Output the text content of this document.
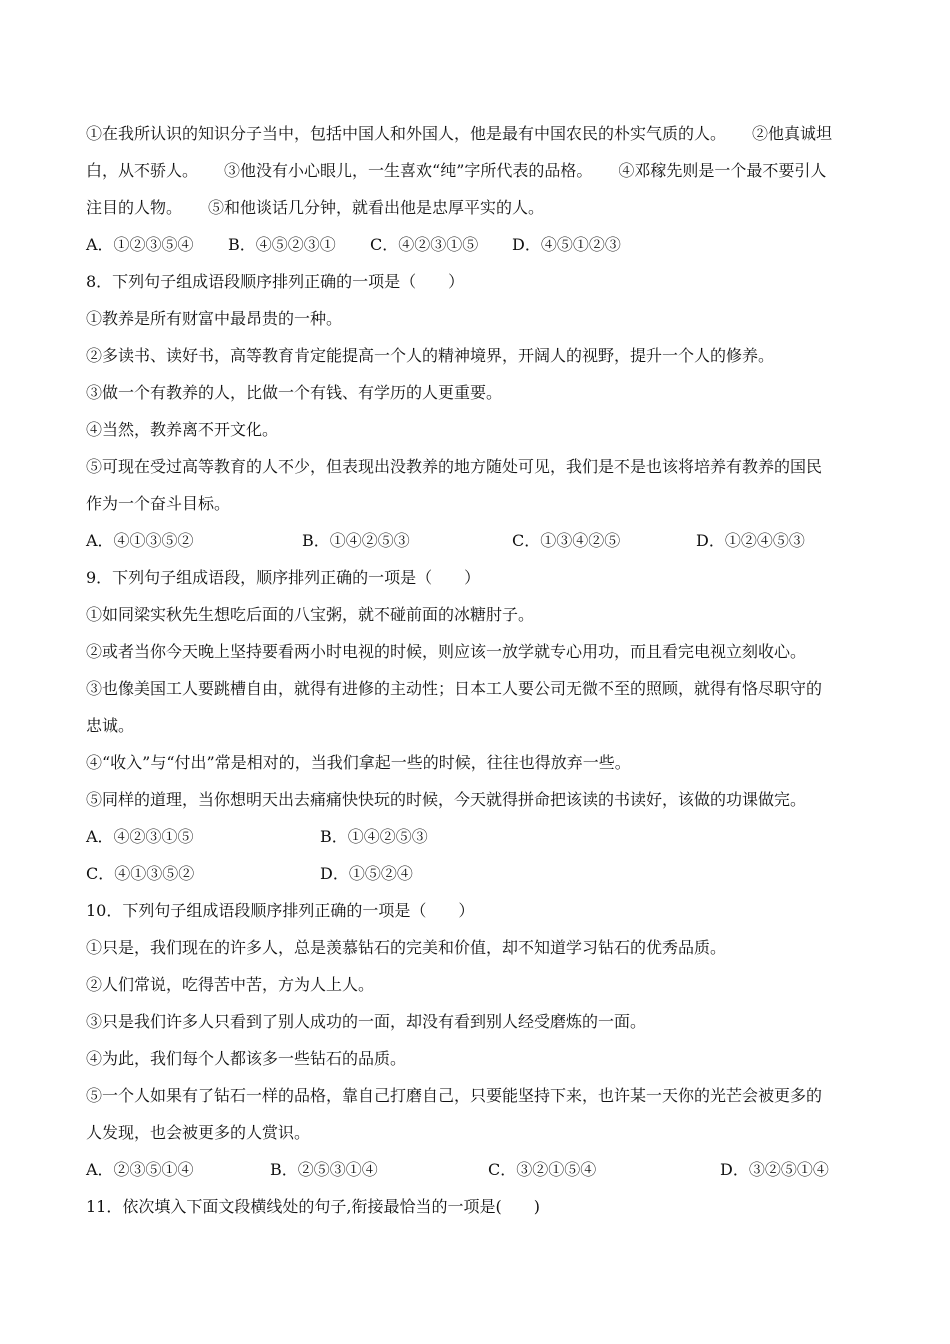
①在我所认识的知识分子当中，包括中国人和外国人，他是最有中国农民的朴实气质的人。 ②他真诚坦
白，从不骄人。 ③他没有小心眼儿，一生喜欢“纯”字所代表的品格。 ④邓稼先则是一个最不要引人
注目的人物。 ⑤和他谈话几分钟，就看出他是忠厚平实的人。
A．①②③⑤④ B．④⑤②③① C．④②③①⑤ D．④⑤①②③
8．下列句子组成语段顺序排列正确的一项是（　　）
①教养是所有财富中最昂贵的一种。
②多读书、读好书，高等教育肯定能提高一个人的精神境界，开阔人的视野，提升一个人的修养。
③做一个有教养的人，比做一个有钱、有学历的人更重要。
④当然，教养离不开文化。
⑤可现在受过高等教育的人不少，但表现出没教养的地方随处可见，我们是不是也该将培养有教养的国民
作为一个奋斗目标。
A．④①③⑤②	B．①④②⑤③	C．①③④②⑤	D．①②④⑤③
9．下列句子组成语段，顺序排列正确的一项是（　　）
①如同梁实秋先生想吃后面的八宝粥，就不碰前面的冰糖肘子。
②或者当你今天晚上坚持要看两小时电视的时候，则应该一放学就专心用功，而且看完电视立刻收心。
③也像美国工人要跳槽自由，就得有进修的主动性；日本工人要公司无微不至的照顾，就得有恪尽职守的
忠诚。
④“收入”与“付出”常是相对的，当我们拿起一些的时候，往往也得放弃一些。
⑤同样的道理，当你想明天出去痛痛快快玩的时候，今天就得拼命把该读的书读好，该做的功课做完。
A．④②③①⑤	B．①④②⑤③
C．④①③⑤②	D．①⑤②④
10．下列句子组成语段顺序排列正确的一项是（　　）
①只是，我们现在的许多人，总是羡慕钻石的完美和价值，却不知道学习钻石的优秀品质。
②人们常说，吃得苦中苦，方为人上人。
③只是我们许多人只看到了别人成功的一面，却没有看到别人经受磨炼的一面。
④为此，我们每个人都该多一些钻石的品质。
⑤一个人如果有了钻石一样的品格，靠自己打磨自己，只要能坚持下来，也许某一天你的光芒会被更多的
人发现，也会被更多的人赏识。
A．②③⑤①④	B．②⑤③①④	C．③②①⑤④	D．③②⑤①④
11．依次填入下面文段横线处的句子,衔接最恰当的一项是(　　)
